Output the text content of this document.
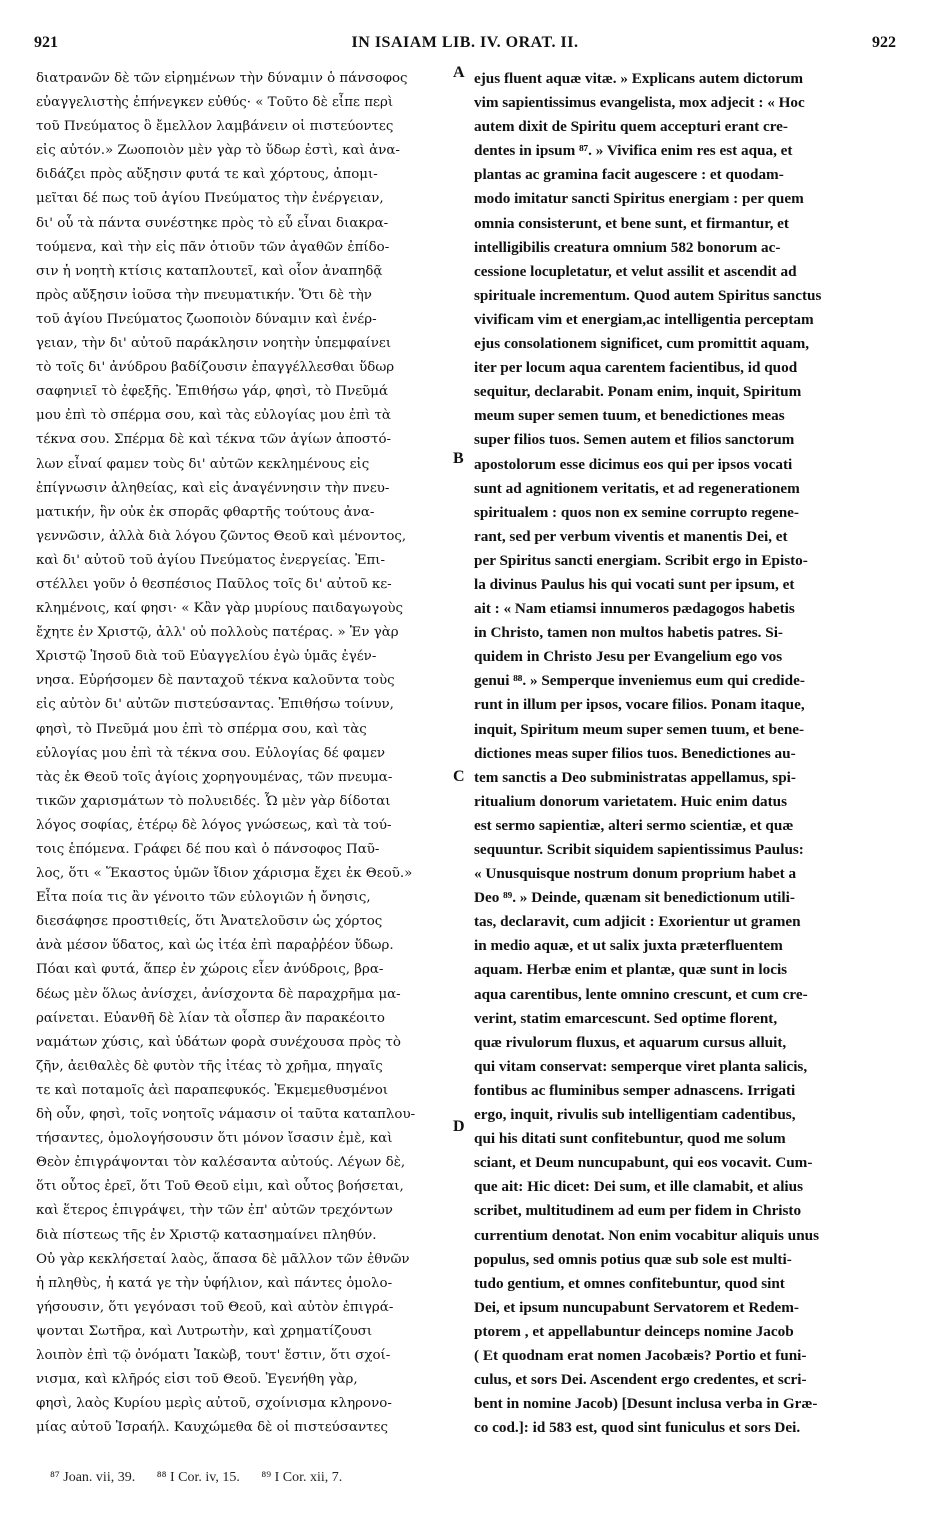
921	IN ISAIAM LIB. IV. ORAT. II.	922
διατρανῶν δὲ τῶν εἰρημένων τὴν δύναμιν ὁ πάνσοφος
εὐαγγελιστὴς ἐπήνεγκεν εὐθύς· « Τοῦτο δὲ εἶπε περὶ
τοῦ Πνεύματος ὃ ἔμελλον λαμβάνειν οἱ πιστεύοντες
εἰς αὐτόν.» Ζωοποιὸν μὲν γὰρ τὸ ὕδωρ ἐστὶ, καὶ ἀνα-
διδάζει πρὸς αὔξησιν φυτά τε καὶ χόρτους, ἀπομι-
μεῖται δέ πως τοῦ ἁγίου Πνεύματος τὴν ἐνέργειαν,
δι' οὗ τὰ πάντα συνέστηκε πρὸς τὸ εὖ εἶναι διακρα-
τούμενα, καὶ τὴν εἰς πᾶν ὁτιοῦν τῶν ἀγαθῶν ἐπίδο-
σιν ἡ νοητὴ κτίσις καταπλουτεῖ, καὶ οἷον ἀναπηδᾷ
πρὸς αὔξησιν ἰοῦσα τὴν πνευματικήν. Ὅτι δὲ τὴν
τοῦ ἁγίου Πνεύματος ζωοποιὸν δύναμιν καὶ ἐνέρ-
γειαν, τὴν δι' αὐτοῦ παράκλησιν νοητὴν ὑπεμφαίνει
τὸ τοῖς δι' ἀνύδρου βαδίζουσιν ἐπαγγέλλεσθαι ὕδωρ
σαφηνιεῖ τὸ ἐφεξῆς. Ἐπιθήσω γάρ, φησὶ, τὸ Πνεῦμά
μου ἐπὶ τὸ σπέρμα σου, καὶ τὰς εὐλογίας μου ἐπὶ τὰ
τέκνα σου. Σπέρμα δὲ καὶ τέκνα τῶν ἁγίων ἀποστό-
λων εἶναί φαμεν τοὺς δι' αὐτῶν κεκλημένους εἰς
ἐπίγνωσιν ἀληθείας, καὶ εἰς ἀναγέννησιν τὴν πνευ-
ματικήν, ἣν οὐκ ἐκ σπορᾶς φθαρτῆς τούτους ἀνα-
γεννῶσιν, ἀλλὰ διὰ λόγου ζῶντος Θεοῦ καὶ μένοντος,
καὶ δι' αὐτοῦ τοῦ ἁγίου Πνεύματος ἐνεργείας. Ἐπι-
στέλλει γοῦν ὁ θεσπέσιος Παῦλος τοῖς δι' αὐτοῦ κε-
κλημένοις, καί φησι· « Κἂν γὰρ μυρίους παιδαγωγοὺς
ἔχητε ἐν Χριστῷ, ἀλλ' οὐ πολλοὺς πατέρας. » Ἐν γὰρ
Χριστῷ Ἰησοῦ διὰ τοῦ Εὐαγγελίου ἐγὼ ὑμᾶς ἐγέν-
νησα. Εὑρήσομεν δὲ πανταχοῦ τέκνα καλοῦντα τοὺς
εἰς αὐτὸν δι' αὐτῶν πιστεύσαντας. Ἐπιθήσω τοίνυν,
φησὶ, τὸ Πνεῦμά μου ἐπὶ τὸ σπέρμα σου, καὶ τὰς
εὐλογίας μου ἐπὶ τὰ τέκνα σου. Εὐλογίας δέ φαμεν
τὰς ἐκ Θεοῦ τοῖς ἁγίοις χορηγουμένας, τῶν πνευμα-
τικῶν χαρισμάτων τὸ πολυειδές. Ὧ μὲν γὰρ δίδοται
λόγος σοφίας, ἑτέρῳ δὲ λόγος γνώσεως, καὶ τὰ τού-
τοις ἑπόμενα. Γράφει δέ που καὶ ὁ πάνσοφος Παῦ-
λος, ὅτι « Ἕκαστος ὑμῶν ἴδιον χάρισμα ἔχει ἐκ Θεοῦ.»
Εἶτα ποία τις ἂν γένοιτο τῶν εὐλογιῶν ἡ ὄνησις,
διεσάφησε προστιθείς, ὅτι Ἀνατελοῦσιν ὡς χόρτος
ἀνὰ μέσον ὕδατος, καὶ ὡς ἰτέα ἐπὶ παραῤῥέον ὕδωρ.
Πόαι καὶ φυτά, ἅπερ ἐν χώροις εἶεν ἀνύδροις, βρα-
δέως μὲν ὅλως ἀνίσχει, ἀνίσχοντα δὲ παραχρῆμα μα-
ραίνεται. Εὐανθῆ δὲ λίαν τὰ οἷσπερ ἂν παρακέοιτο
ναμάτων χύσις, καὶ ὑδάτων φορὰ συνέχουσα πρὸς τὸ
ζῆν, ἀειθαλὲς δὲ φυτὸν τῆς ἰτέας τὸ χρῆμα, πηγαῖς
τε καὶ ποταμοῖς ἀεὶ παραπεφυκός. Ἐκμεμεθυσμένοι
δὴ οὖν, φησὶ, τοῖς νοητοῖς νάμασιν οἱ ταῦτα καταπλου-
τήσαντες, ὁμολογήσουσιν ὅτι μόνον ἴσασιν ἐμὲ, καὶ
Θεὸν ἐπιγράψονται τὸν καλέσαντα αὐτούς. Λέγων δὲ,
ὅτι οὗτος ἐρεῖ, ὅτι Τοῦ Θεοῦ εἰμι, καὶ οὗτος βοήσεται,
καὶ ἕτερος ἐπιγράψει, τὴν τῶν ἐπ' αὐτῶν τρεχόντων
διὰ πίστεως τῆς ἐν Χριστῷ κατασημαίνει πληθύν.
Οὐ γὰρ κεκλήσεταί λαὸς, ἅπασα δὲ μᾶλλον τῶν ἐθνῶν
ἡ πληθὺς, ἡ κατά γε τὴν ὑφήλιον, καὶ πάντες ὁμολο-
γήσουσιν, ὅτι γεγόνασι τοῦ Θεοῦ, καὶ αὐτὸν ἐπιγρά-
ψονται Σωτῆρα, καὶ Λυτρωτὴν, καὶ χρηματίζουσι
λοιπὸν ἐπὶ τῷ ὀνόματι Ἰακὼβ, τουτ' ἔστιν, ὅτι σχοί-
νισμα, καὶ κλῆρός εἰσι τοῦ Θεοῦ. Ἐγενήθη γὰρ,
φησὶ, λαὸς Κυρίου μερὶς αὐτοῦ, σχοίνισμα κληρονο-
μίας αὐτοῦ Ἰσραήλ. Καυχώμεθα δὲ οἱ πιστεύσαντες
ejus fluent aquæ vitæ. » Explicans autem dictorum
vim sapientissimus evangelista, mox adjecit : « Hoc
autem dixit de Spiritu quem accepturi erant cre-
dentes in ipsum ⁸⁷. » Vivifica enim res est aqua, et
plantas ac gramina facit augescere : et quodam-
modo imitatur sancti Spiritus energiam : per quem
omnia consisterunt, et bene sunt, et firmantur, et
intelligibilis creatura omnium 582 bonorum ac-
cessione locupletatur, et velut assilit et ascendit ad
spirituale incrementum. Quod autem Spiritus sanctus
vivificam vim et energiam,ac intelligentia perceptam
ejus consolationem significet, cum promittit aquam,
iter per locum aqua carentem facientibus, id quod
sequitur, declarabit. Ponam enim, inquit, Spiritum
meum super semen tuum, et benedictiones meas
super filios tuos. Semen autem et filios sanctorum
apostolorum esse dicimus eos qui per ipsos vocati
sunt ad agnitionem veritatis, et ad regenerationem
spiritualem : quos non ex semine corrupto regene-
rant, sed per verbum viventis et manentis Dei, et
per Spiritus sancti energiam. Scribit ergo in Episto-
la divinus Paulus his qui vocati sunt per ipsum, et
ait : « Nam etiamsi innumeros pædagogos habetis
in Christo, tamen non multos habetis patres. Si-
quidem in Christo Jesu per Evangelium ego vos
genui ⁸⁸. » Semperque inveniemus eum qui credide-
runt in illum per ipsos, vocare filios. Ponam itaque,
inquit, Spiritum meum super semen tuum, et bene-
dictiones meas super filios tuos. Benedictiones au-
tem sanctis a Deo subministratas appellamus, spi-
ritualium donorum varietatem. Huic enim datus
est sermo sapientiæ, alteri sermo scientiæ, et quæ
sequuntur. Scribit siquidem sapientissimus Paulus:
« Unusquisque nostrum donum proprium habet a
Deo ⁸⁹. » Deinde, quænam sit benedictionum utili-
tas, declaravit, cum adjicit : Exorientur ut gramen
in medio aquæ, et ut salix juxta præterfluentem
aquam. Herbæ enim et plantæ, quæ sunt in locis
aqua carentibus, lente omnino crescunt, et cum cre-
verint, statim emarcescunt. Sed optime florent,
quæ rivulorum fluxus, et aquarum cursus alluit,
qui vitam conservat: semperque viret planta salicis,
fontibus ac fluminibus semper adnascens. Irrigati
ergo, inquit, rivulis sub intelligentiam cadentibus,
qui his ditati sunt confitebuntur, quod me solum
sciant, et Deum nuncupabunt, qui eos vocavit. Cum-
que ait: Hic dicet: Dei sum, et ille clamabit, et alius
scribet, multitudinem ad eum per fidem in Christo
currentium denotat. Non enim vocabitur aliquis unus
populus, sed omnis potius quæ sub sole est multi-
tudo gentium, et omnes confitebuntur, quod sint
Dei, et ipsum nuncupabunt Servatorem et Redem-
ptorem , et appellabuntur deinceps nomine Jacob
( Et quodnam erat nomen Jacobæis? Portio et funi-
culus, et sors Dei. Ascendent ergo credentes, et scri-
bent in nomine Jacob) [Desunt inclusa verba in Græ-
co cod.]: id 583 est, quod sint funiculus et sors Dei.
A
B
C
D
⁸⁷ Joan. vii, 39. ⁸⁸ I Cor. iv, 15. ⁸⁹ I Cor. xii, 7.
